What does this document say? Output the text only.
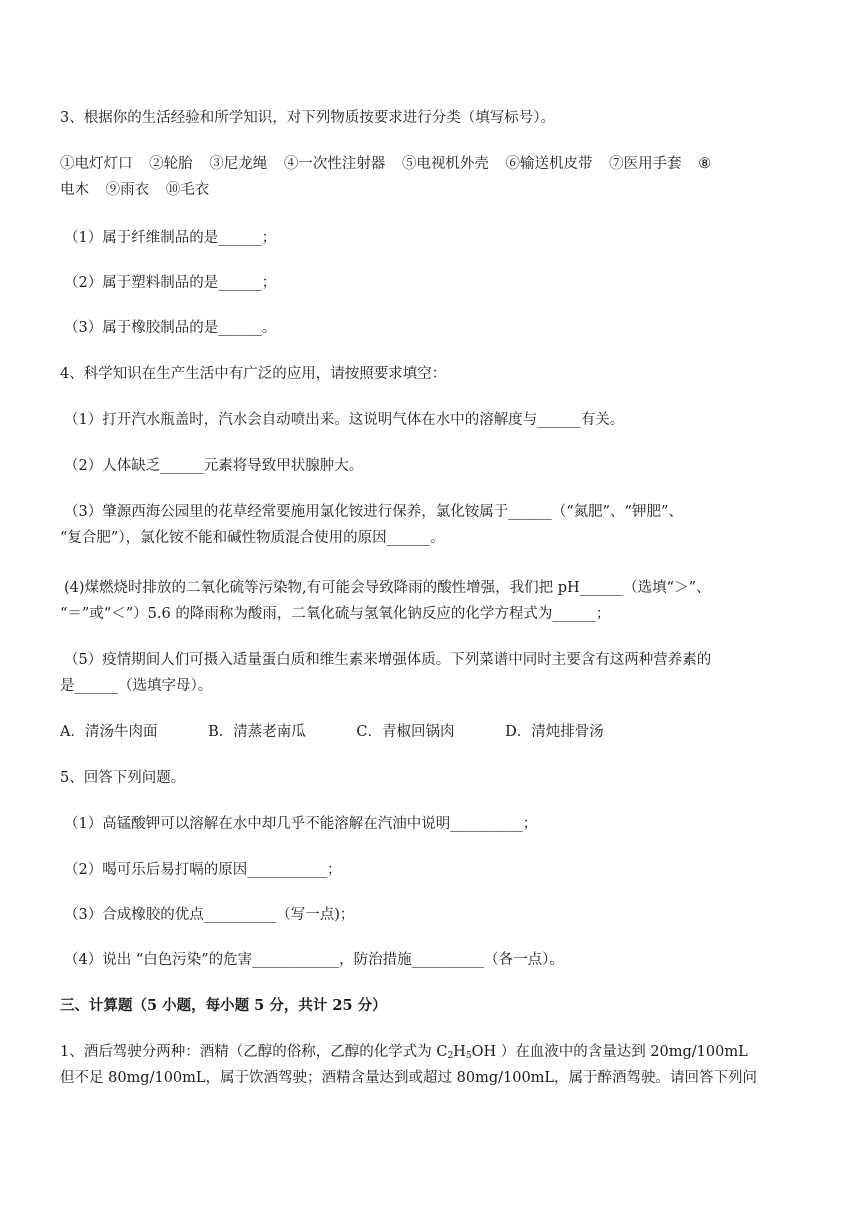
3、根据你的生活经验和所学知识，对下列物质按要求进行分类（填写标号）。
①电灯灯口 ②轮胎 ③尼龙绳 ④一次性注射器 ⑤电视机外壳 ⑥输送机皮带 ⑦医用手套 ⑧
电木 ⑨雨衣 ⑩毛衣
（1）属于纤维制品的是______；
（2）属于塑料制品的是______；
（3）属于橡胶制品的是______。
4、科学知识在生产生活中有广泛的应用，请按照要求填空：
（1）打开汽水瓶盖时，汽水会自动喷出来。这说明气体在水中的溶解度与______有关。
（2）人体缺乏______元素将导致甲状腺肿大。
（3）肇源西海公园里的花草经常要施用氯化铵进行保养，氯化铵属于______（“氮肥”、“钾肥”、
“复合肥”），氯化铵不能和碱性物质混合使用的原因______。
(4)煤燃烧时排放的二氧化硫等污染物,有可能会导致降雨的酸性增强，我们把 pH______（选填“＞”、
“＝”或“＜”）5.6 的降雨称为酸雨，二氧化硫与氢氧化钠反应的化学方程式为______；
（5）疫情期间人们可摄入适量蛋白质和维生素来增强体质。下列菜谱中同时主要含有这两种营养素的
是______（选填字母）。
A．清汤牛肉面	B．清蒸老南瓜	C．青椒回锅肉	D．清炖排骨汤
5、回答下列问题。
（1）高锰酸钾可以溶解在水中却几乎不能溶解在汽油中说明__________；
（2）喝可乐后易打嗝的原因___________；
（3）合成橡胶的优点__________（写一点)；
（4）说出 “白色污染”的危害____________，防治措施__________（各一点）。
三、计算题（5 小题，每小题 5 分，共计 25 分）
1、酒后驾驶分两种：酒精（乙醇的俗称，乙醇的化学式为 C2H5OH ）在血液中的含量达到 20mg/100mL
但不足 80mg/100mL，属于饮酒驾驶；酒精含量达到或超过 80mg/100mL，属于醉酒驾驶。请回答下列问
